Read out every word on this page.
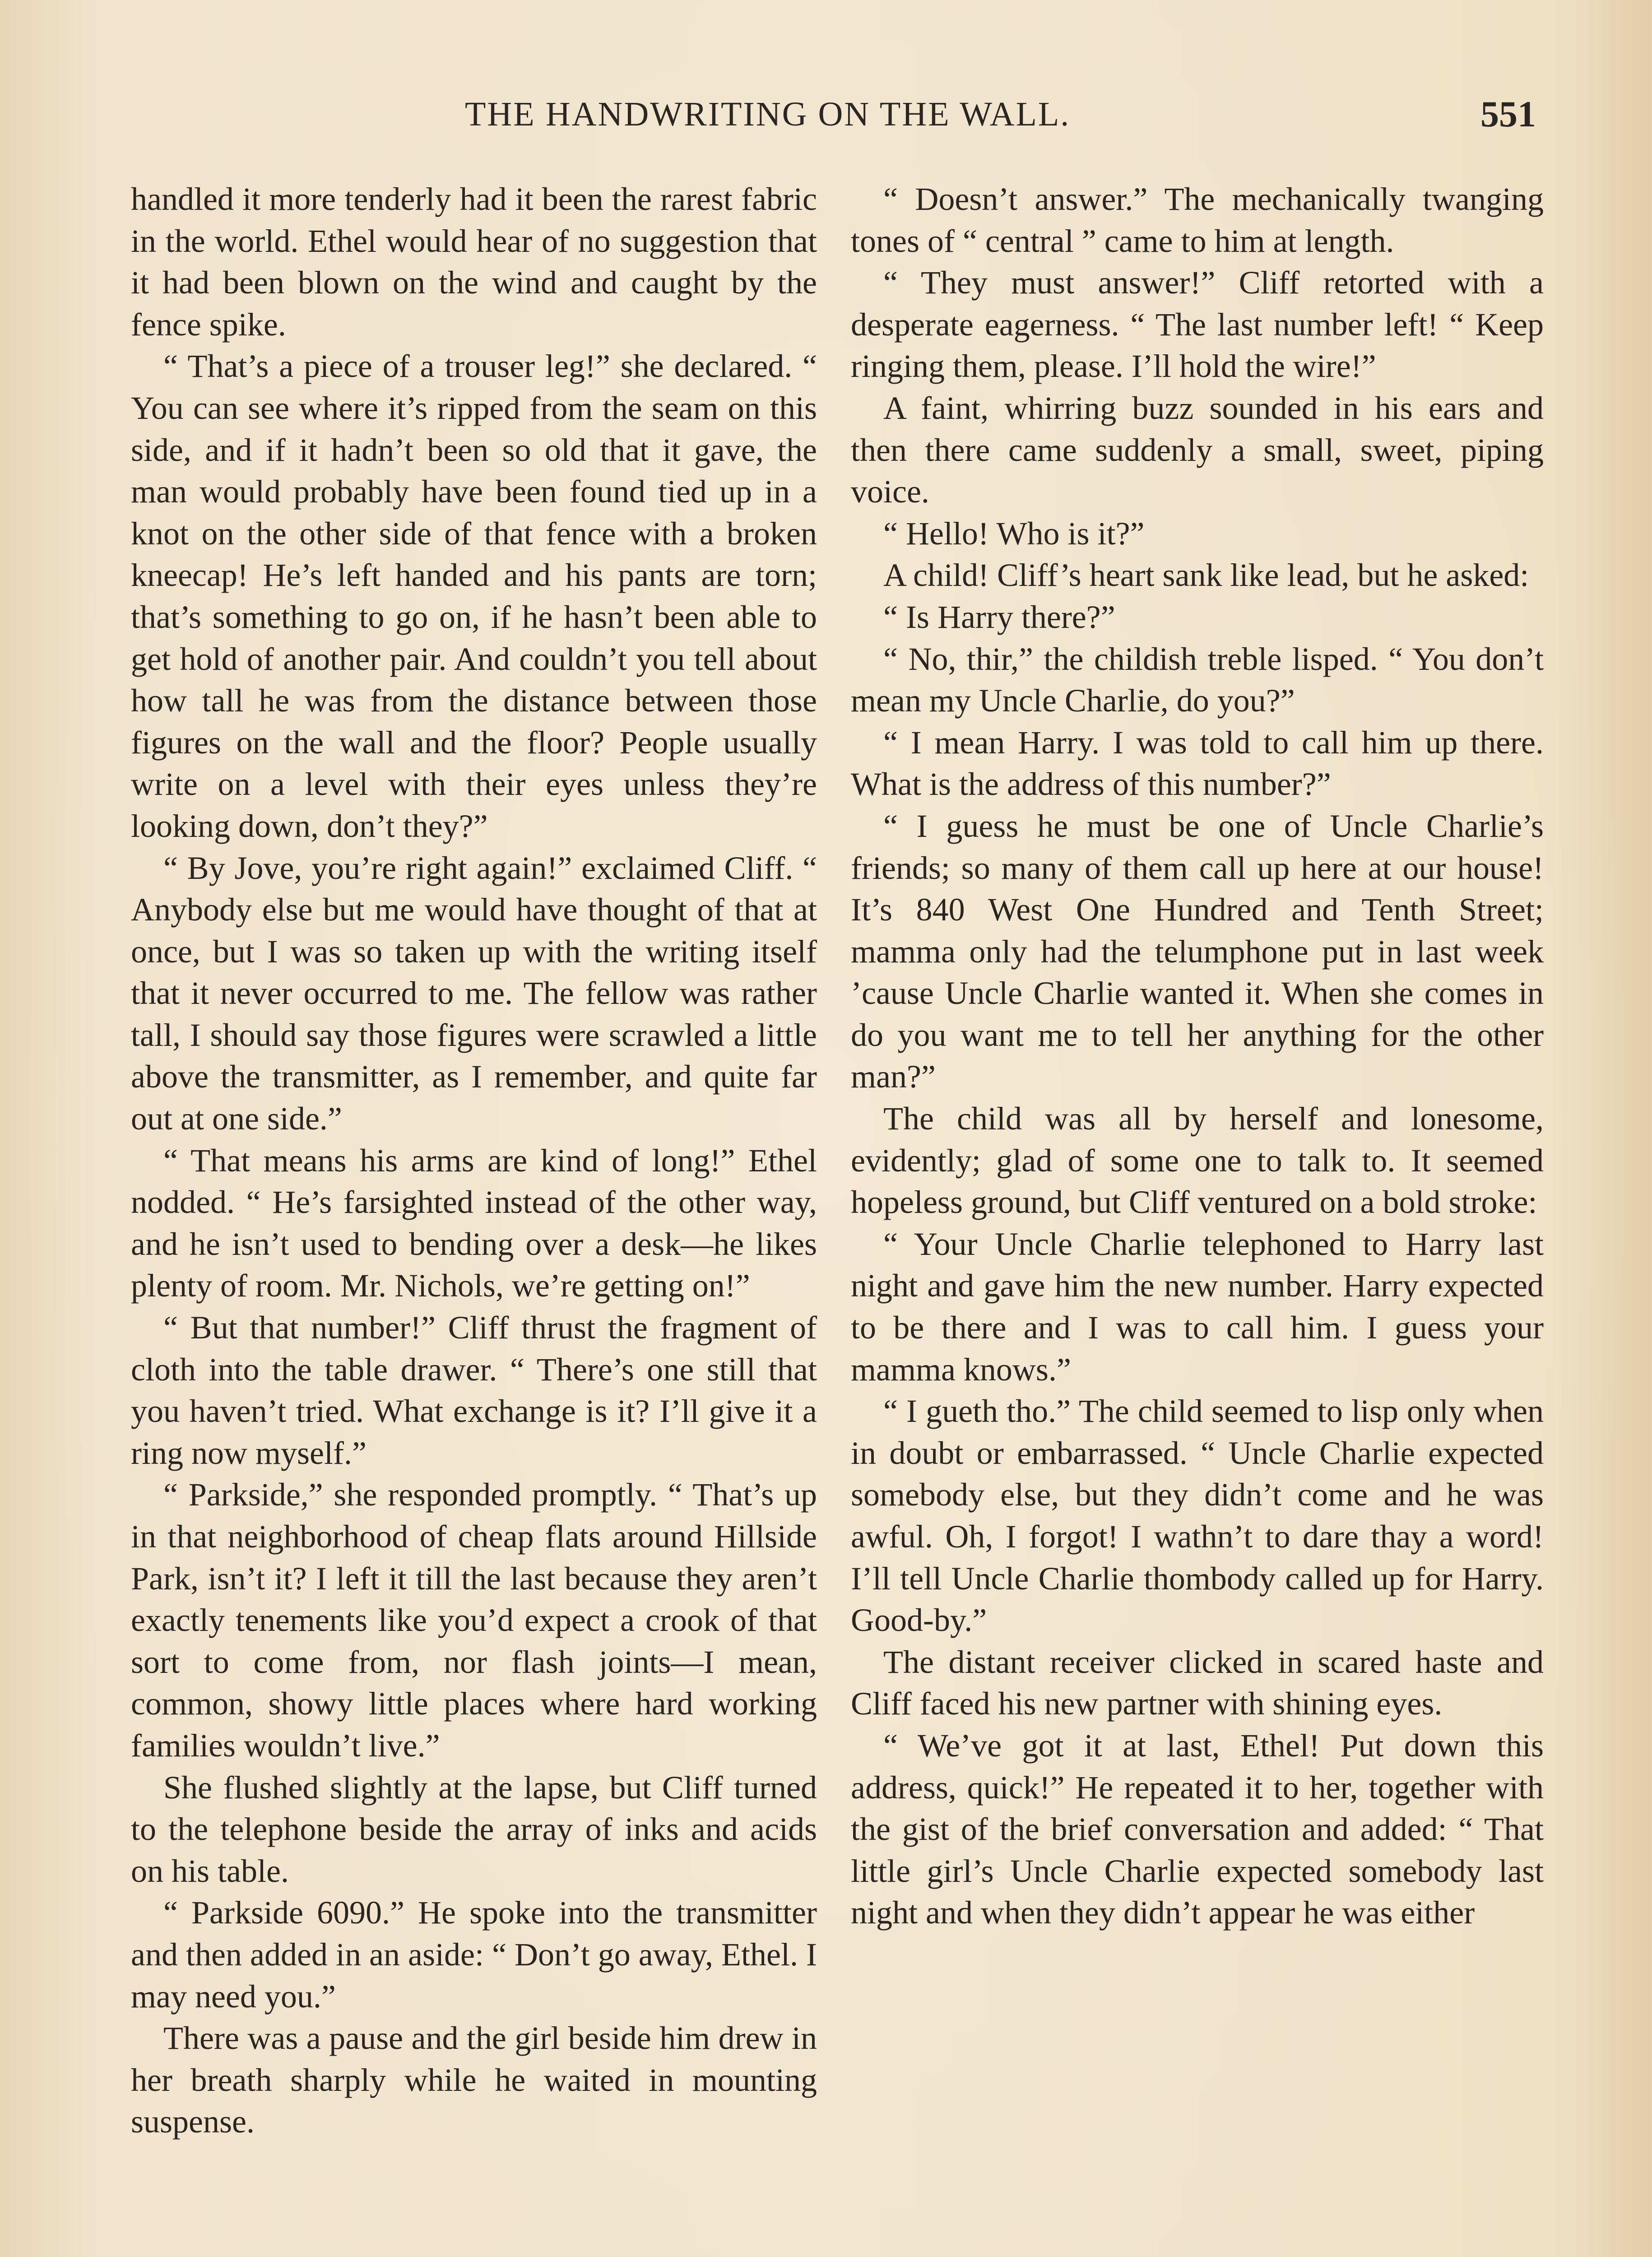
THE HANDWRITING ON THE WALL.	551

handled it more tenderly had it been the rarest fabric in the world. Ethel would hear of no suggestion that it had been blown on the wind and caught by the fence spike.

“ That’s a piece of a trouser leg!” she declared. “ You can see where it’s ripped from the seam on this side, and if it hadn’t been so old that it gave, the man would probably have been found tied up in a knot on the other side of that fence with a broken kneecap! He’s left handed and his pants are torn; that’s something to go on, if he hasn’t been able to get hold of another pair. And couldn’t you tell about how tall he was from the distance between those figures on the wall and the floor? People usually write on a level with their eyes unless they’re looking down, don’t they?”

“ By Jove, you’re right again!” exclaimed Cliff. “ Anybody else but me would have thought of that at once, but I was so taken up with the writing itself that it never occurred to me. The fellow was rather tall, I should say those figures were scrawled a little above the transmitter, as I remember, and quite far out at one side.”

“ That means his arms are kind of long!” Ethel nodded. “ He’s farsighted instead of the other way, and he isn’t used to bending over a desk—he likes plenty of room. Mr. Nichols, we’re getting on!”

“ But that number!” Cliff thrust the fragment of cloth into the table drawer. “ There’s one still that you haven’t tried. What exchange is it? I’ll give it a ring now myself.”

“ Parkside,” she responded promptly. “ That’s up in that neighborhood of cheap flats around Hillside Park, isn’t it? I left it till the last because they aren’t exactly tenements like you’d expect a crook of that sort to come from, nor flash joints—I mean, common, showy little places where hard working families wouldn’t live.”

She flushed slightly at the lapse, but Cliff turned to the telephone beside the array of inks and acids on his table.

“ Parkside 6090.” He spoke into the transmitter and then added in an aside: “ Don’t go away, Ethel. I may need you.”

There was a pause and the girl beside him drew in her breath sharply while he waited in mounting suspense.

“ Doesn’t answer.” The mechanically twanging tones of “ central ” came to him at length.

“ They must answer!” Cliff retorted with a desperate eagerness. “ The last number left! “ Keep ringing them, please. I’ll hold the wire!”

A faint, whirring buzz sounded in his ears and then there came suddenly a small, sweet, piping voice.

“ Hello! Who is it?”

A child! Cliff’s heart sank like lead, but he asked:

“ Is Harry there?”

“ No, thir,” the childish treble lisped. “ You don’t mean my Uncle Charlie, do you?”

“ I mean Harry. I was told to call him up there. What is the address of this number?”

“ I guess he must be one of Uncle Charlie’s friends; so many of them call up here at our house! It’s 840 West One Hundred and Tenth Street; mamma only had the telumphone put in last week ’cause Uncle Charlie wanted it. When she comes in do you want me to tell her anything for the other man?”

The child was all by herself and lonesome, evidently; glad of some one to talk to. It seemed hopeless ground, but Cliff ventured on a bold stroke:

“ Your Uncle Charlie telephoned to Harry last night and gave him the new number. Harry expected to be there and I was to call him. I guess your mamma knows.”

“ I gueth tho.” The child seemed to lisp only when in doubt or embarrassed. “ Uncle Charlie expected somebody else, but they didn’t come and he was awful. Oh, I forgot! I wathn’t to dare thay a word! I’ll tell Uncle Charlie thombody called up for Harry. Good-by.”

The distant receiver clicked in scared haste and Cliff faced his new partner with shining eyes.

“ We’ve got it at last, Ethel! Put down this address, quick!” He repeated it to her, together with the gist of the brief conversation and added: “ That little girl’s Uncle Charlie expected somebody last night and when they didn’t appear he was either
